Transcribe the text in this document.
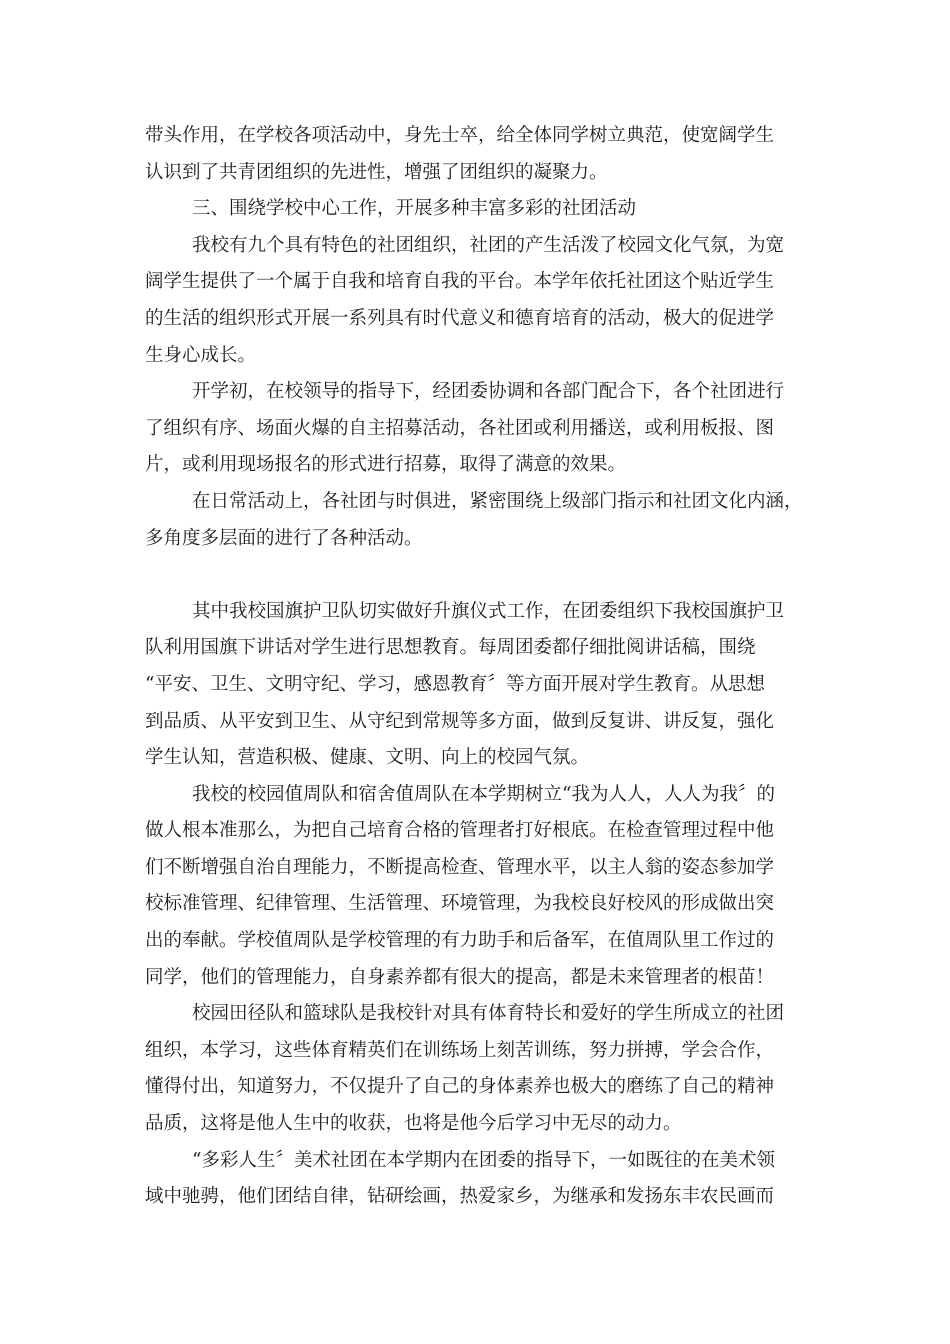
带头作用，在学校各项活动中，身先士卒，给全体同学树立典范，使宽阔学生
认识到了共青团组织的先进性，增强了团组织的凝聚力。
三、围绕学校中心工作，开展多种丰富多彩的社团活动
我校有九个具有特色的社团组织，社团的产生活泼了校园文化气氛，为宽
阔学生提供了一个属于自我和培育自我的平台。本学年依托社团这个贴近学生
的生活的组织形式开展一系列具有时代意义和德育培育的活动，极大的促进学
生身心成长。
开学初，在校领导的指导下，经团委协调和各部门配合下，各个社团进行
了组织有序、场面火爆的自主招募活动，各社团或利用播送，或利用板报、图
片，或利用现场报名的形式进行招募，取得了满意的效果。
在日常活动上，各社团与时俱进，紧密围绕上级部门指示和社团文化内涵，
多角度多层面的进行了各种活动。
其中我校国旗护卫队切实做好升旗仪式工作，在团委组织下我校国旗护卫
队利用国旗下讲话对学生进行思想教育。每周团委都仔细批阅讲话稿，围绕
“平安、卫生、文明守纪、学习，感恩教育〞等方面开展对学生教育。从思想
到品质、从平安到卫生、从守纪到常规等多方面，做到反复讲、讲反复，强化
学生认知，营造积极、健康、文明、向上的校园气氛。
我校的校园值周队和宿舍值周队在本学期树立“我为人人，人人为我〞的
做人根本准那么，为把自己培育合格的管理者打好根底。在检查管理过程中他
们不断增强自治自理能力，不断提高检查、管理水平，以主人翁的姿态参加学
校标准管理、纪律管理、生活管理、环境管理，为我校良好校风的形成做出突
出的奉献。学校值周队是学校管理的有力助手和后备军，在值周队里工作过的
同学，他们的管理能力，自身素养都有很大的提高，都是未来管理者的根苗！
校园田径队和篮球队是我校针对具有体育特长和爱好的学生所成立的社团
组织，本学习，这些体育精英们在训练场上刻苦训练，努力拼搏，学会合作，
懂得付出，知道努力，不仅提升了自己的身体素养也极大的磨练了自己的精神
品质，这将是他人生中的收获，也将是他今后学习中无尽的动力。
“多彩人生〞美术社团在本学期内在团委的指导下，一如既往的在美术领
域中驰骋，他们团结自律，钻研绘画，热爱家乡，为继承和发扬东丰农民画而
